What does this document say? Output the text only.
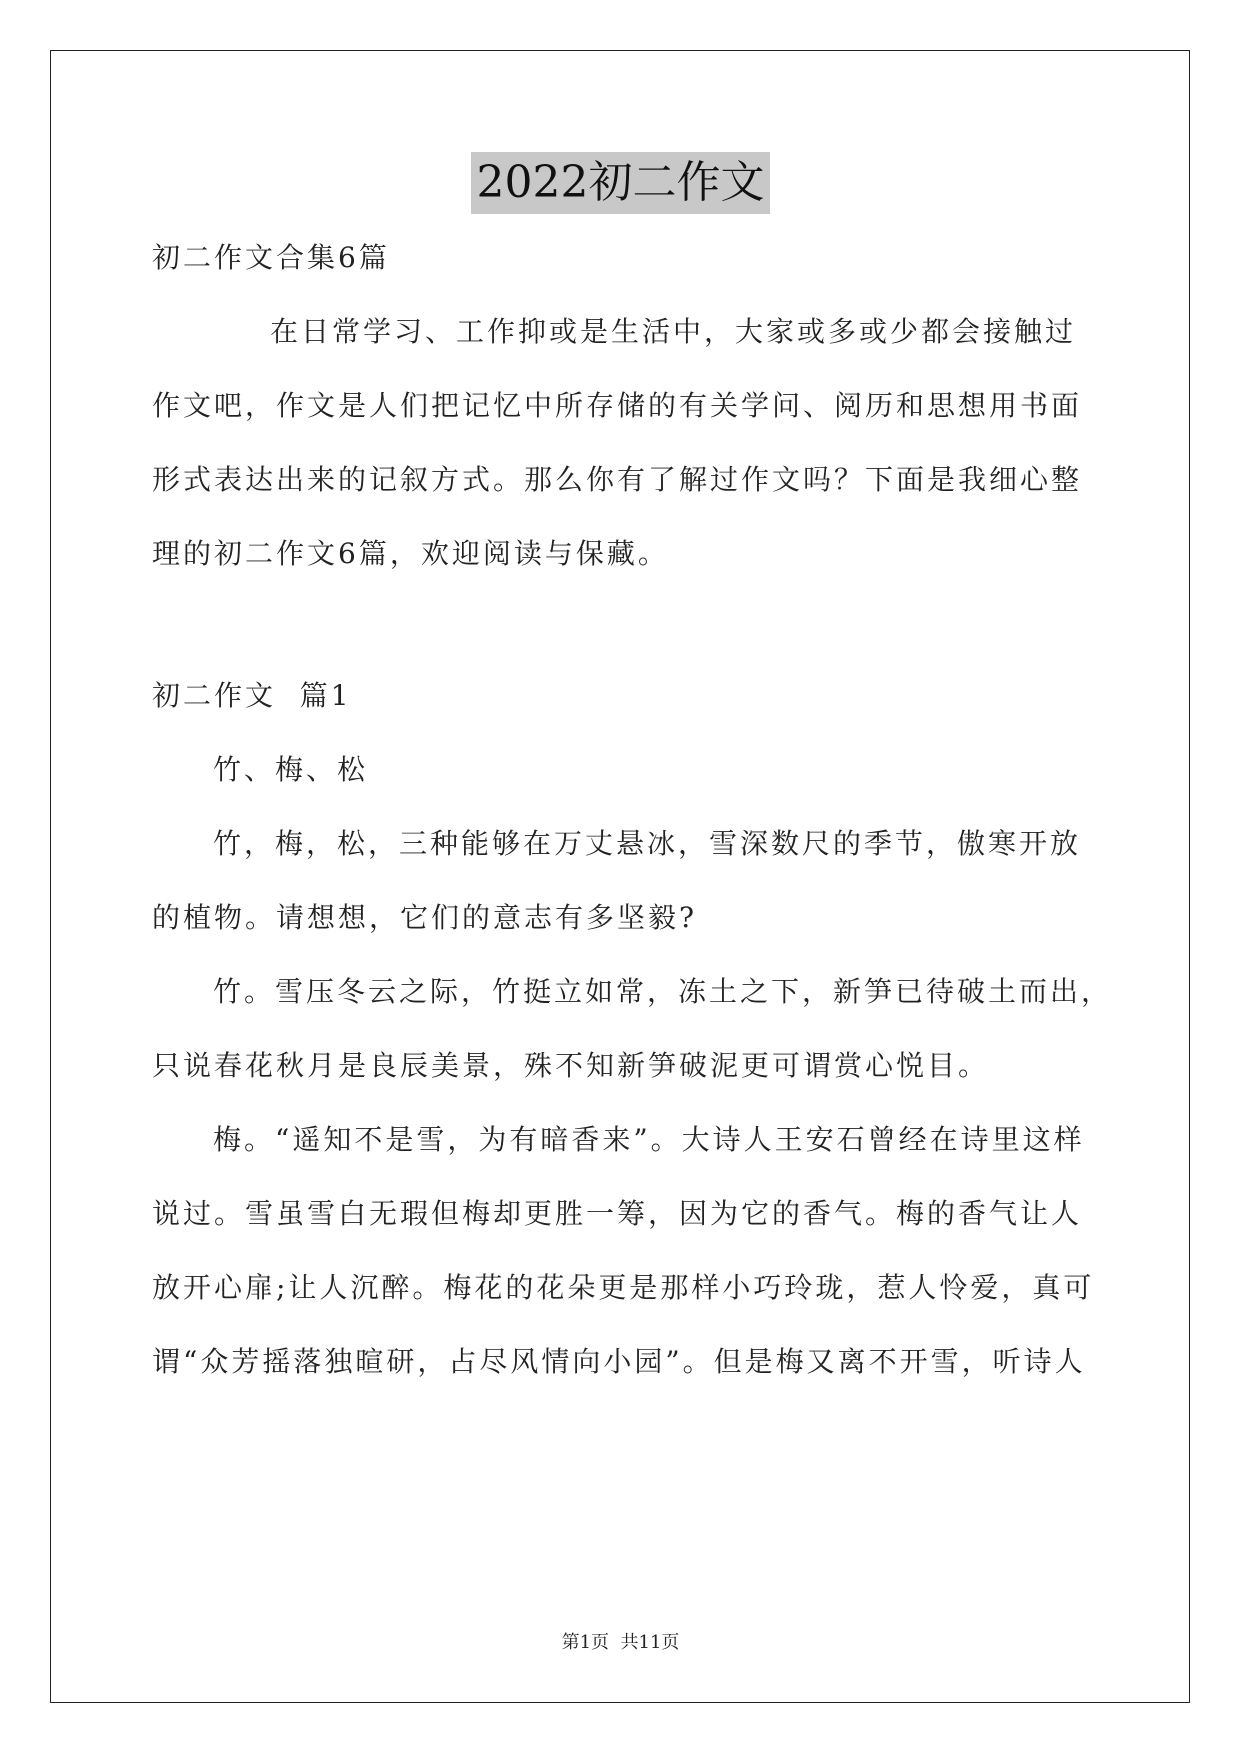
2022初二作文
初二作文合集6篇
在日常学习、工作抑或是生活中，大家或多或少都会接触过
作文吧，作文是人们把记忆中所存储的有关学问、阅历和思想用书面
形式表达出来的记叙方式。那么你有了解过作文吗？下面是我细心整
理的初二作文6篇，欢迎阅读与保藏。
初二作文  篇1
竹、梅、松
竹，梅，松，三种能够在万丈悬冰，雪深数尺的季节，傲寒开放
的植物。请想想，它们的意志有多坚毅?
竹。雪压冬云之际，竹挺立如常，冻土之下，新笋已待破土而出，
只说春花秋月是良辰美景，殊不知新笋破泥更可谓赏心悦目。
梅。“遥知不是雪，为有暗香来”。大诗人王安石曾经在诗里这样
说过。雪虽雪白无瑕但梅却更胜一筹，因为它的香气。梅的香气让人
放开心扉;让人沉醉。梅花的花朵更是那样小巧玲珑，惹人怜爱，真可
谓“众芳摇落独暄研，占尽风情向小园”。但是梅又离不开雪，听诗人
第1页  共11页
